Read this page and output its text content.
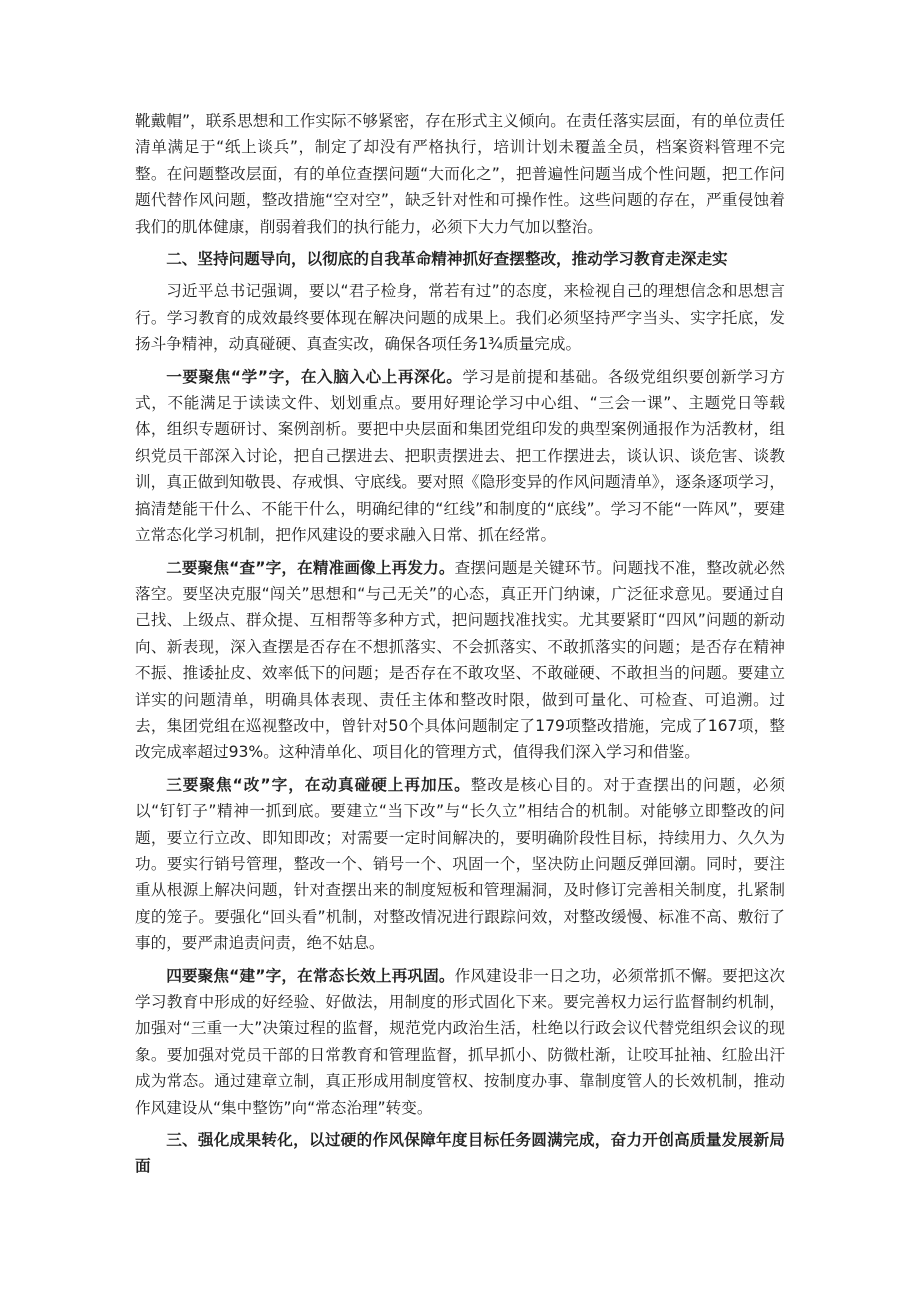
靴戴帽”，联系思想和工作实际不够紧密，存在形式主义倾向。在责任落实层面，有的单位责任清单满足于“纸上谈兵”，制定了却没有严格执行，培训计划未覆盖全员，档案资料管理不完整。在问题整改层面，有的单位查摆问题“大而化之”，把普遍性问题当成个性问题，把工作问题代替作风问题，整改措施“空对空”，缺乏针对性和可操作性。这些问题的存在，严重侵蚀着我们的肌体健康，削弱着我们的执行能力，必须下大力气加以整治。

二、坚持问题导向，以彻底的自我革命精神抓好查摆整改，推动学习教育走深走实

习近平总书记强调，要以“君子检身，常若有过”的态度，来检视自己的理想信念和思想言行。学习教育的成效最终要体现在解决问题的成果上。我们必须坚持严字当头、实字托底，发扬斗争精神，动真碰硬、真查实改，确保各项任务1¾质量完成。

一要聚焦“学”字，在入脑入心上再深化。学习是前提和基础。各级党组织要创新学习方式，不能满足于读读文件、划划重点。要用好理论学习中心组、“三会一课”、主题党日等载体，组织专题研讨、案例剖析。要把中央层面和集团党组印发的典型案例通报作为活教材，组织党员干部深入讨论，把自己摆进去、把职责摆进去、把工作摆进去，谈认识、谈危害、谈教训，真正做到知敬畏、存戒惧、守底线。要对照《隐形变异的作风问题清单》，逐条逐项学习，搞清楚能干什么、不能干什么，明确纪律的“红线”和制度的“底线”。学习不能“一阵风”，要建立常态化学习机制，把作风建设的要求融入日常、抓在经常。

二要聚焦“查”字，在精准画像上再发力。查摆问题是关键环节。问题找不准，整改就必然落空。要坚决克服“闯关”思想和“与己无关”的心态，真正开门纳谏，广泛征求意见。要通过自己找、上级点、群众提、互相帮等多种方式，把问题找准找实。尤其要紧盯“四风”问题的新动向、新表现，深入查摆是否存在不想抓落实、不会抓落实、不敢抓落实的问题；是否存在精神不振、推诿扯皮、效率低下的问题；是否存在不敢攻坚、不敢碰硬、不敢担当的问题。要建立详实的问题清单，明确具体表现、责任主体和整改时限，做到可量化、可检查、可追溯。过去，集团党组在巡视整改中，曾针对50个具体问题制定了179项整改措施，完成了167项，整改完成率超过93%。这种清单化、项目化的管理方式，值得我们深入学习和借鉴。

三要聚焦“改”字，在动真碰硬上再加压。整改是核心目的。对于查摆出的问题，必须以“钉钉子”精神一抓到底。要建立“当下改”与“长久立”相结合的机制。对能够立即整改的问题，要立行立改、即知即改；对需要一定时间解决的，要明确阶段性目标，持续用力、久久为功。要实行销号管理，整改一个、销号一个、巩固一个，坚决防止问题反弹回潮。同时，要注重从根源上解决问题，针对查摆出来的制度短板和管理漏洞，及时修订完善相关制度，扎紧制度的笼子。要强化“回头看”机制，对整改情况进行跟踪问效，对整改缓慢、标准不高、敷衍了事的，要严肃追责问责，绝不姑息。

四要聚焦“建”字，在常态长效上再巩固。作风建设非一日之功，必须常抓不懈。要把这次学习教育中形成的好经验、好做法，用制度的形式固化下来。要完善权力运行监督制约机制，加强对“三重一大”决策过程的监督，规范党内政治生活，杜绝以行政会议代替党组织会议的现象。要加强对党员干部的日常教育和管理监督，抓早抓小、防微杜渐，让咬耳扯袖、红脸出汗成为常态。通过建章立制，真正形成用制度管权、按制度办事、靠制度管人的长效机制，推动作风建设从“集中整饬”向“常态治理”转变。

三、强化成果转化，以过硬的作风保障年度目标任务圆满完成，奋力开创高质量发展新局面
